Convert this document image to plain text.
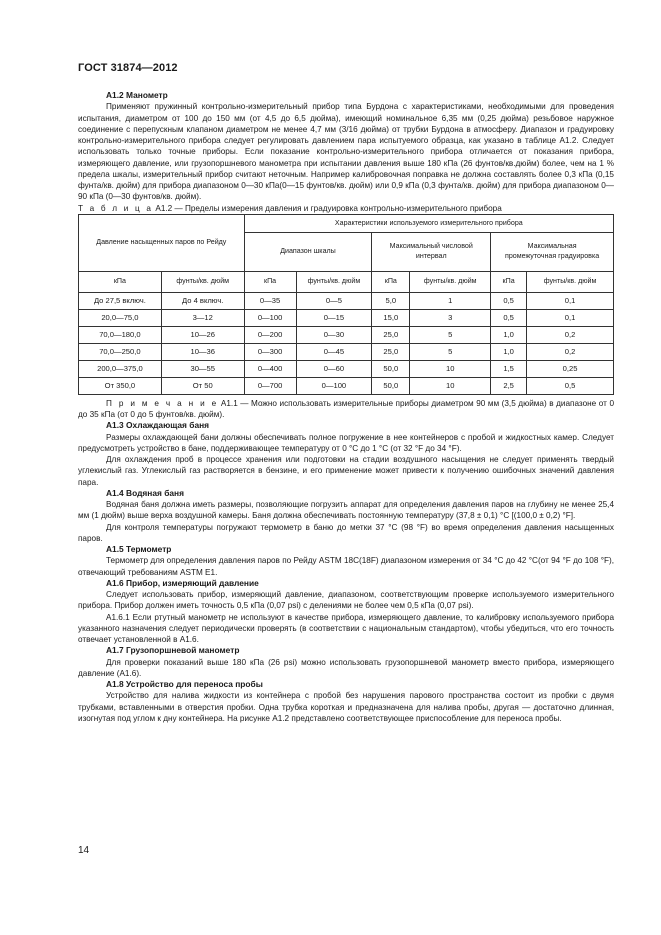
ГОСТ 31874—2012
А1.2 Манометр

Применяют пружинный контрольно-измерительный прибор типа Бурдона с характеристиками, необходимыми для проведения испытания, диаметром от 100 до 150 мм (от 4,5 до 6,5 дюйма), имеющий номинальное 6,35 мм (0,25 дюйма) резьбовое наружное соединение с перепускным клапаном диаметром не менее 4,7 мм (3/16 дюйма) от трубки Бурдона в атмосферу. Диапазон и градуировку контрольно-измерительного прибора следует регулировать давлением пара испытуемого образца, как указано в таблице А1.2. Следует использовать только точные приборы. Если показание контрольно-измерительного прибора отличается от показания прибора, измеряющего давление, или грузопоршневого манометра при испытании давления выше 180 кПа (26 фунтов/кв.дюйм) более, чем на 1 % предела шкалы, измерительный прибор считают неточным. Например калибровочная поправка не должна составлять более 0,3 кПа (0,15 фунта/кв. дюйм) для прибора диапазоном 0—30 кПа(0—15 фунтов/кв. дюйм) или 0,9 кПа (0,3 фунта/кв. дюйм) для прибора диапазоном 0—90 кПа (0—30 фунтов/кв. дюйм).

Т а б л и ц а А1.2 — Пределы измерения давления и градуировка контрольно-измерительного прибора

Давление насыщенных паров по Рейду		Характеристики используемого измерительного прибора					
		Диапазон шкалы		Максимальный числовой интервал		Максимальная промежуточная градуировка	
кПа	фунты/кв. дюйм	кПа	фунты/кв. дюйм	кПа	фунты/кв. дюйм	кПа	фунты/кв. дюйм
До 27,5 включ.	До 4 включ.	0—35	0—5	5,0	1	0,5	0,1
20,0—75,0	3—12	0—100	0—15	15,0	3	0,5	0,1
70,0—180,0	10—26	0—200	0—30	25,0	5	1,0	0,2
70,0—250,0	10—36	0—300	0—45	25,0	5	1,0	0,2
200,0—375,0	30—55	0—400	0—60	50,0	10	1,5	0,25
От 350,0	От 50	0—700	0—100	50,0	10	2,5	0,5

П р и м е ч а н и е А1.1 — Можно использовать измерительные приборы диаметром 90 мм (3,5 дюйма) в диапазоне от 0 до 35 кПа (от 0 до 5 фунтов/кв. дюйм).

А1.3 Охлаждающая баня

Размеры охлаждающей бани должны обеспечивать полное погружение в нее контейнеров с пробой и жидкостных камер. Следует предусмотреть устройство в бане, поддерживающее температуру от 0 °С до 1 °С (от 32 °F до 34 °F).

Для охлаждения проб в процессе хранения или подготовки на стадии воздушного насыщения не следует применять твердый углекислый газ. Углекислый газ растворяется в бензине, и его применение может привести к получению ошибочных значений давления пара.

А1.4 Водяная баня

Водяная баня должна иметь размеры, позволяющие погрузить аппарат для определения давления паров на глубину не менее 25,4 мм (1 дюйм) выше верха воздушной камеры. Баня должна обеспечивать постоянную температуру (37,8 ± 0,1) °С [(100,0 ± 0,2) °F].

Для контроля температуры погружают термометр в баню до метки 37 °С (98 °F) во время определения давления насыщенных паров.

А1.5 Термометр

Термометр для определения давления паров по Рейду ASTM 18C(18F) диапазоном измерения от 34 °С до 42 °С(от 94 °F до 108 °F), отвечающий требованиям ASTM E1.

А1.6 Прибор, измеряющий давление

Следует использовать прибор, измеряющий давление, диапазоном, соответствующим проверке используемого измерительного прибора. Прибор должен иметь точность 0,5 кПа (0,07 psi) с делениями не более чем 0,5 кПа (0,07 psi).

А1.6.1 Если ртутный манометр не используют в качестве прибора, измеряющего давление, то калибровку используемого прибора указанного назначения следует периодически проверять (в соответствии с национальным стандартом), чтобы убедиться, что его точность отвечает установленной в А1.6.

А1.7 Грузопоршневой манометр

Для проверки показаний выше 180 кПа (26 psi) можно использовать грузопоршневой манометр вместо прибора, измеряющего давление (А1.6).

А1.8 Устройство для переноса пробы

Устройство для налива жидкости из контейнера с пробой без нарушения парового пространства состоит из пробки с двумя трубками, вставленными в отверстия пробки. Одна трубка короткая и предназначена для налива пробы, другая — достаточно длинная, изогнутая под углом к дну контейнера. На рисунке А1.2 представлено соответствующее приспособление для переноса пробы.

14
